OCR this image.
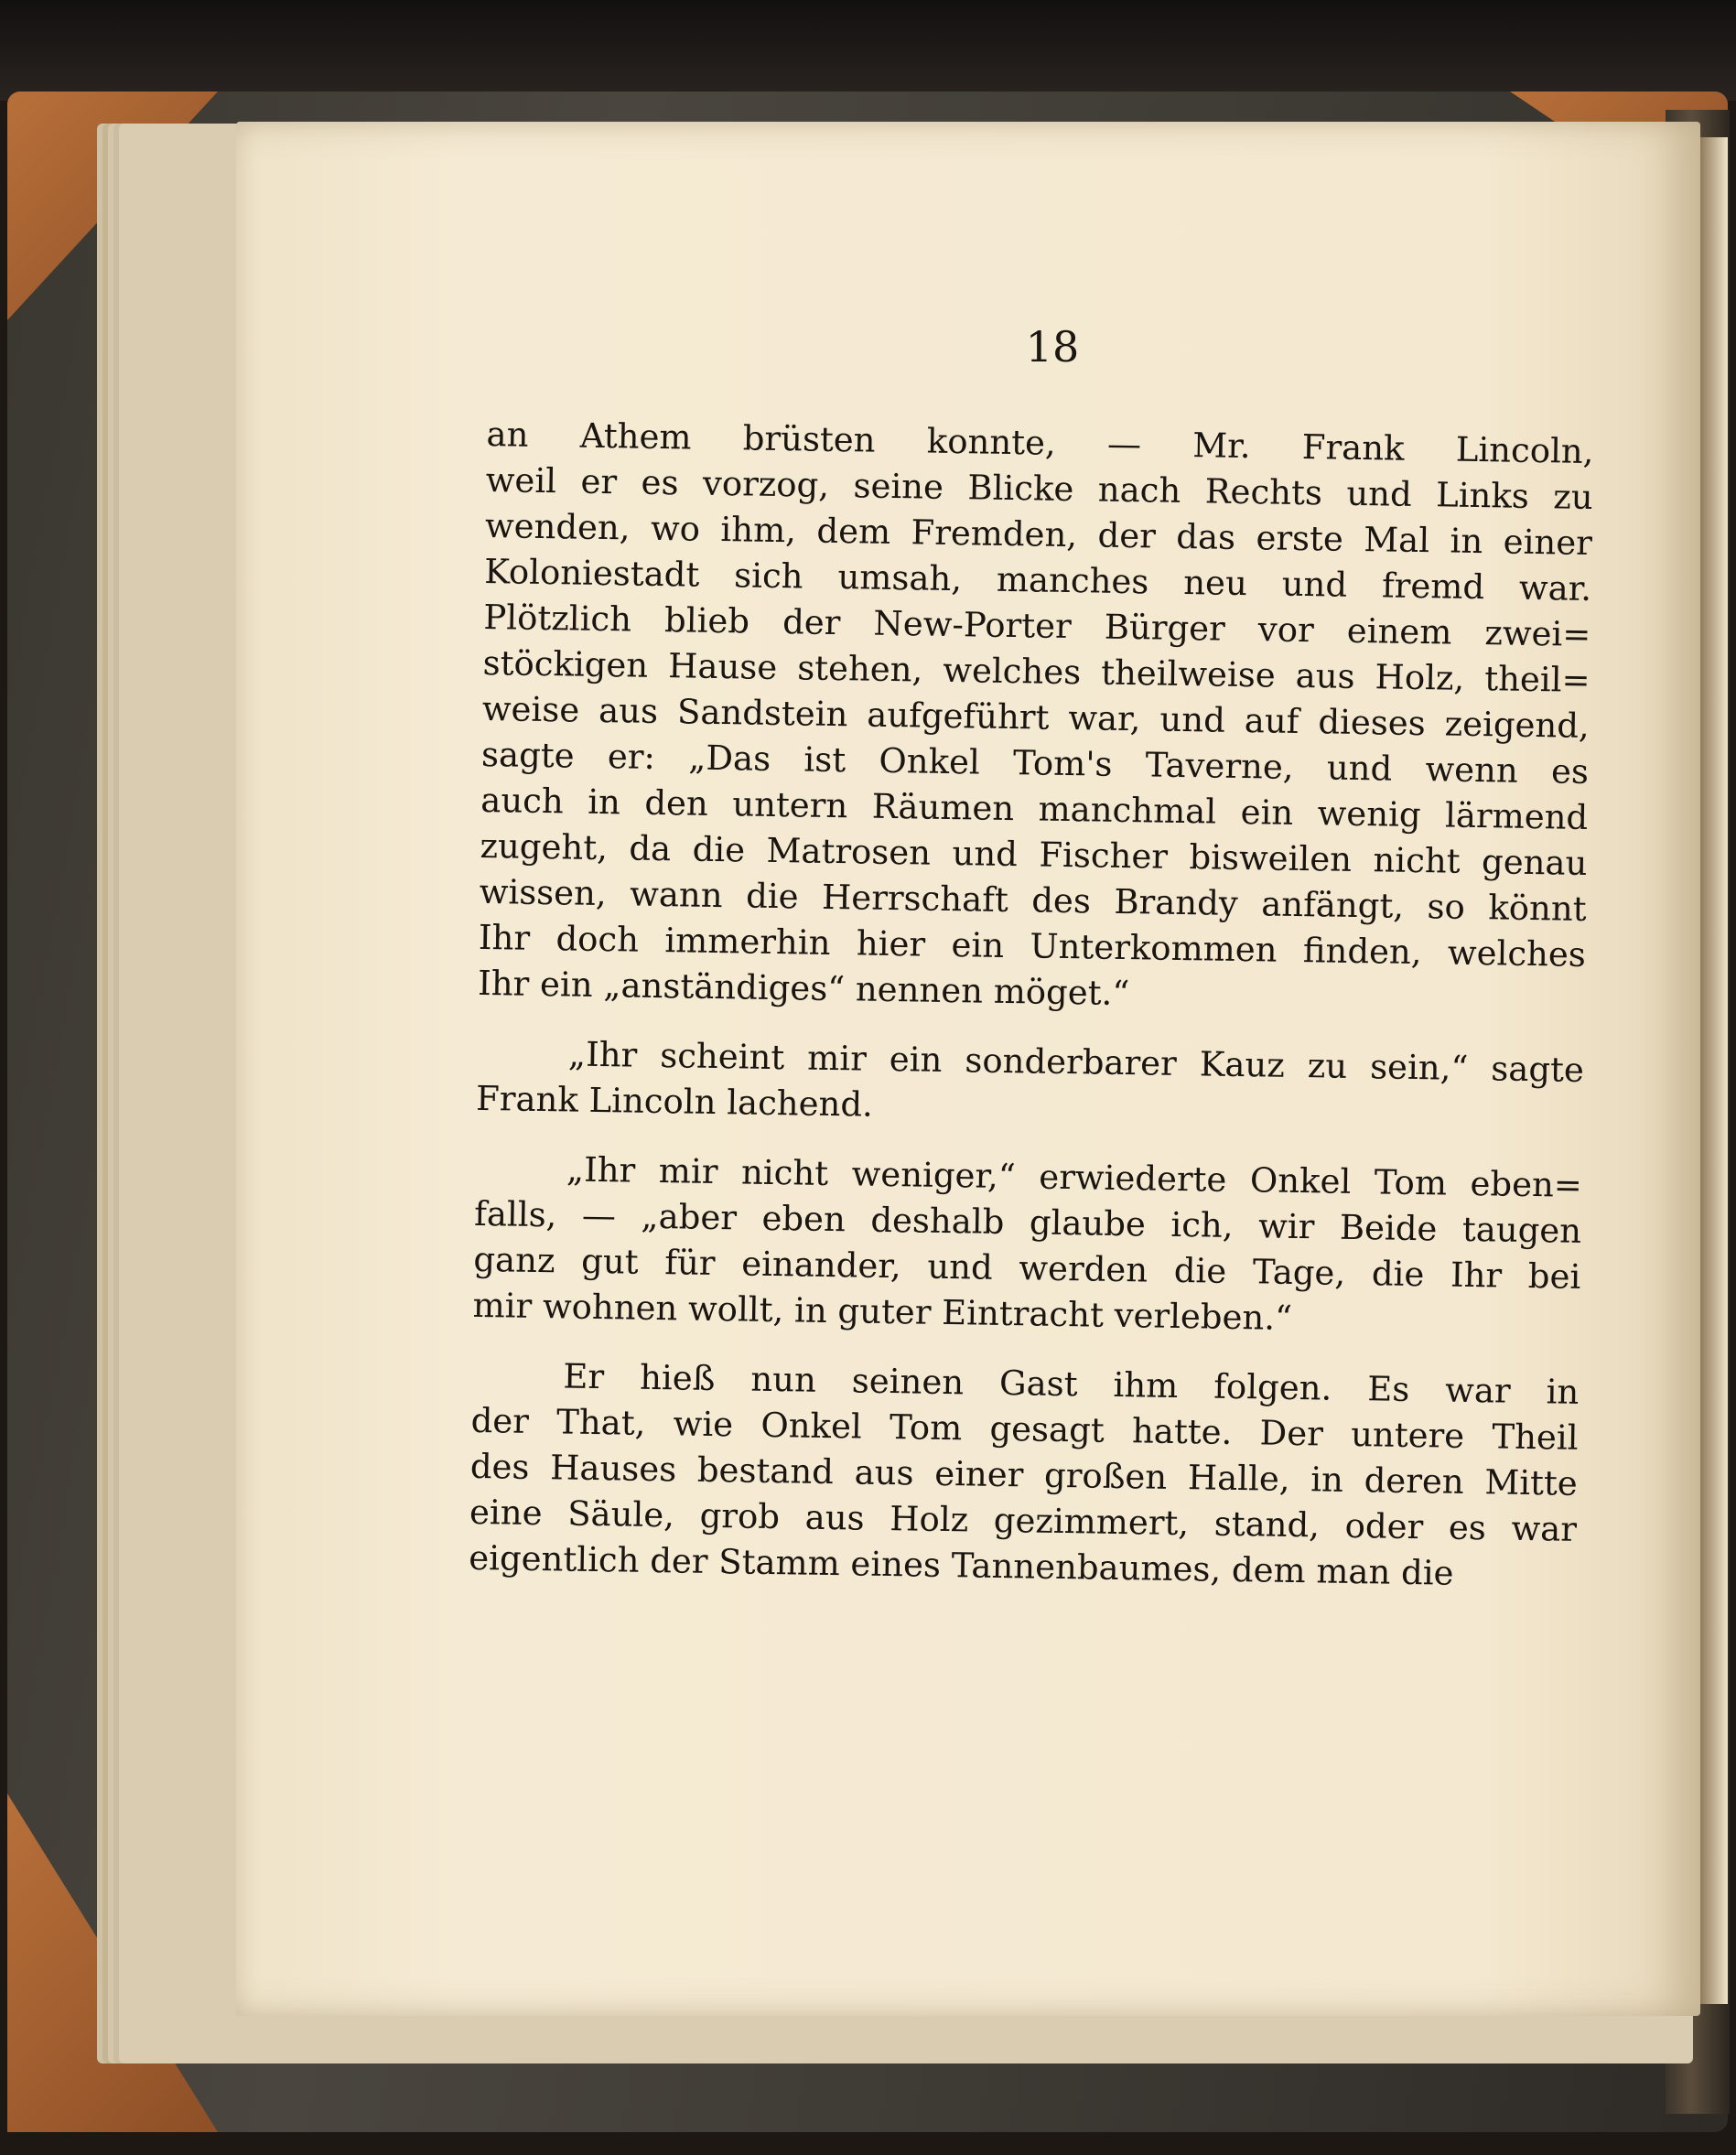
18
an Athem brüsten konnte, — Mr. Frank Lincoln,
weil er es vorzog, seine Blicke nach Rechts und Links zu
wenden, wo ihm, dem Fremden, der das erste Mal in einer
Koloniestadt sich umsah, manches neu und fremd war.
Plötzlich blieb der New-Porter Bürger vor einem zwei=
stöckigen Hause stehen, welches theilweise aus Holz, theil=
weise aus Sandstein aufgeführt war, und auf dieses zeigend,
sagte er: „Das ist Onkel Tom's Taverne, und wenn es
auch in den untern Räumen manchmal ein wenig lärmend
zugeht, da die Matrosen und Fischer bisweilen nicht genau
wissen, wann die Herrschaft des Brandy anfängt, so könnt
Ihr doch immerhin hier ein Unterkommen finden, welches
Ihr ein „anständiges“ nennen möget.“
„Ihr scheint mir ein sonderbarer Kauz zu sein,“ sagte
Frank Lincoln lachend.
„Ihr mir nicht weniger,“ erwiederte Onkel Tom eben=
falls, — „aber eben deshalb glaube ich, wir Beide taugen
ganz gut für einander, und werden die Tage, die Ihr bei
mir wohnen wollt, in guter Eintracht verleben.“
Er hieß nun seinen Gast ihm folgen. Es war in
der That, wie Onkel Tom gesagt hatte. Der untere Theil
des Hauses bestand aus einer großen Halle, in deren Mitte
eine Säule, grob aus Holz gezimmert, stand, oder es war
eigentlich der Stamm eines Tannenbaumes, dem man die
